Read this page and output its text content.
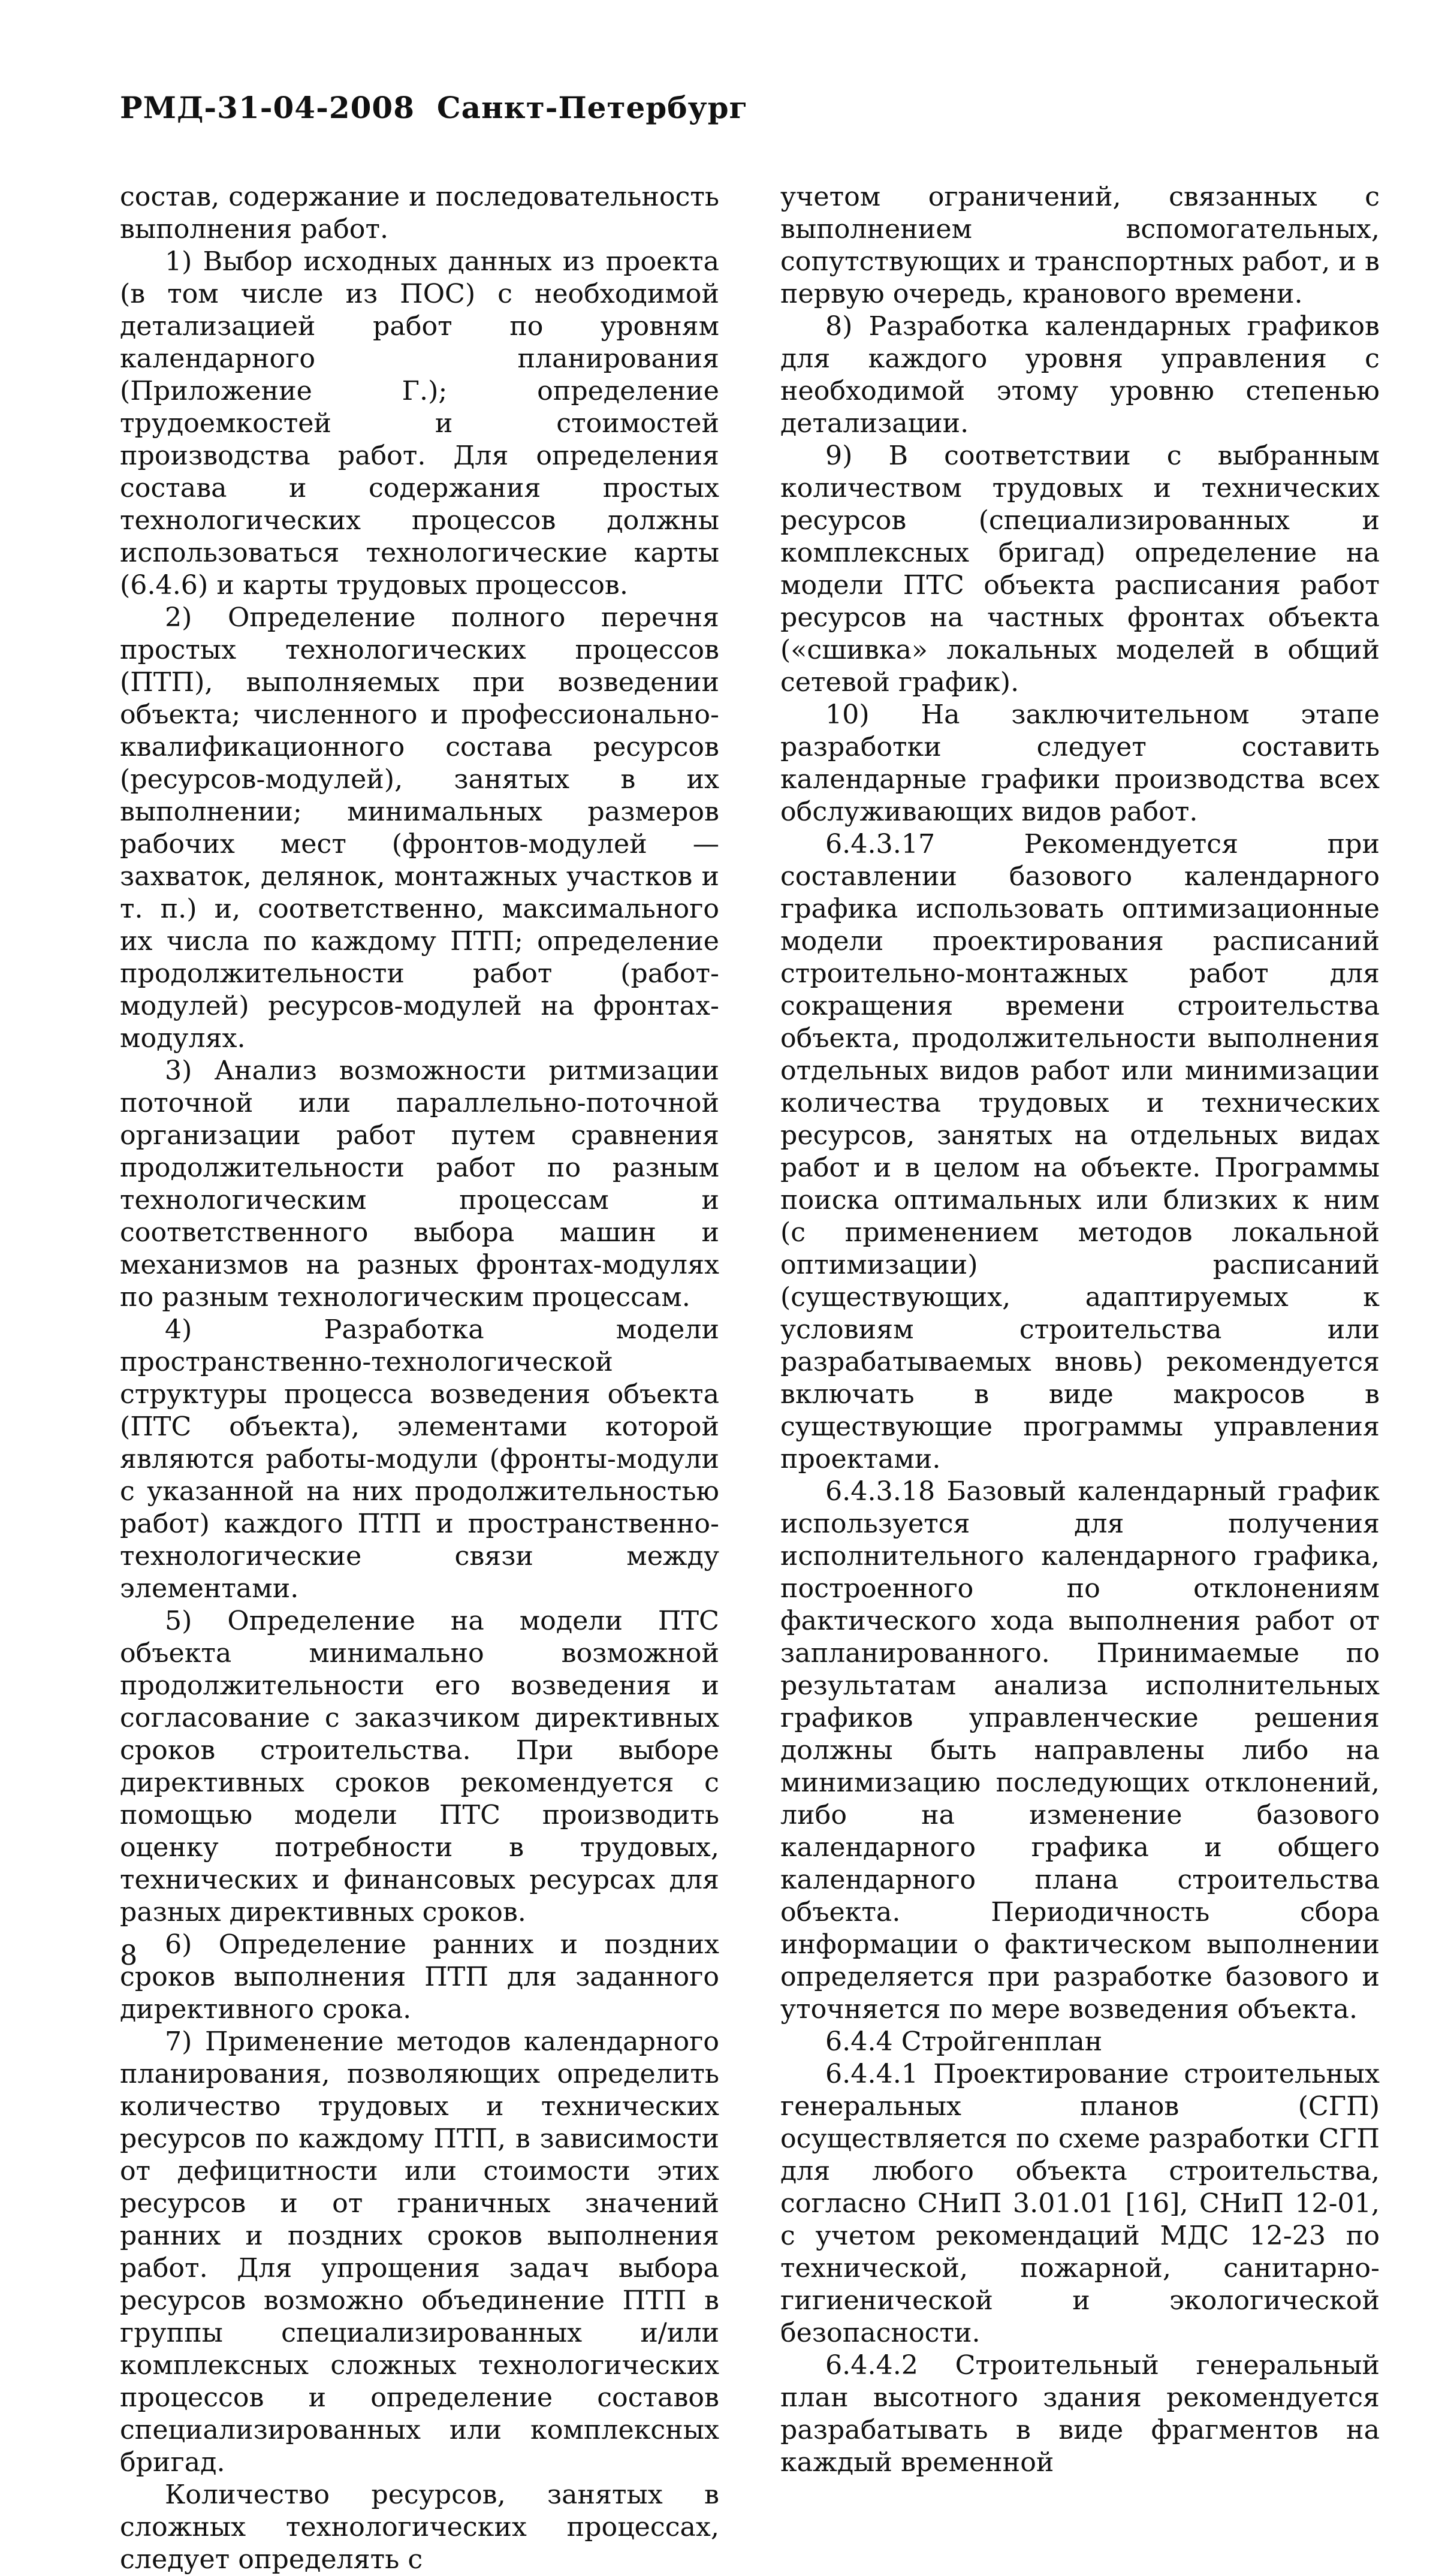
РМД-31-04-2008 Санкт-Петербург

состав, содержание и последовательность выполнения работ.

1) Выбор исходных данных из проекта (в том числе из ПОС) с необходимой детализацией работ по уровням календарного планирования (Приложение Г.); определение трудоемкостей и стоимостей производства работ. Для определения состава и содержания простых технологических процессов должны использоваться технологические карты (6.4.6) и карты трудовых процессов.

2) Определение полного перечня простых технологических процессов (ПТП), выполняемых при возведении объекта; численного и профессионально-квалификационного состава ресурсов (ресурсов-модулей), занятых в их выполнении; минимальных размеров рабочих мест (фронтов-модулей — захваток, делянок, монтажных участков и т. п.) и, соответственно, максимального их числа по каждому ПТП; определение продолжительности работ (работ-модулей) ресурсов-модулей на фронтах-модулях.

3) Анализ возможности ритмизации поточной или параллельно-поточной организации работ путем сравнения продолжительности работ по разным технологическим процессам и соответственного выбора машин и механизмов на разных фронтах-модулях по разным технологическим процессам.

4) Разработка модели пространственно-технологической структуры процесса возведения объекта (ПТС объекта), элементами которой являются работы-модули (фронты-модули с указанной на них продолжительностью работ) каждого ПТП и пространственно-технологические связи между элементами.

5) Определение на модели ПТС объекта минимально возможной продолжительности его возведения и согласование с заказчиком директивных сроков строительства. При выборе директивных сроков рекомендуется с помощью модели ПТС производить оценку потребности в трудовых, технических и финансовых ресурсах для разных директивных сроков.

6) Определение ранних и поздних сроков выполнения ПТП для заданного директивного срока.

7) Применение методов календарного планирования, позволяющих определить количество трудовых и технических ресурсов по каждому ПТП, в зависимости от дефицитности или стоимости этих ресурсов и от граничных значений ранних и поздних сроков выполнения работ. Для упрощения задач выбора ресурсов возможно объединение ПТП в группы специализированных и/или комплексных сложных технологических процессов и определение составов специализированных или комплексных бригад.

Количество ресурсов, занятых в сложных технологических процессах, следует определять с

учетом ограничений, связанных с выполнением вспомогательных, сопутствующих и транспортных работ, и в первую очередь, кранового времени.

8) Разработка календарных графиков для каждого уровня управления с необходимой этому уровню степенью детализации.

9) В соответствии с выбранным количеством трудовых и технических ресурсов (специализированных и комплексных бригад) определение на модели ПТС объекта расписания работ ресурсов на частных фронтах объекта («сшивка» локальных моделей в общий сетевой график).

10) На заключительном этапе разработки следует составить календарные графики производства всех обслуживающих видов работ.

6.4.3.17 Рекомендуется при составлении базового календарного графика использовать оптимизационные модели проектирования расписаний строительно-монтажных работ для сокращения времени строительства объекта, продолжительности выполнения отдельных видов работ или минимизации количества трудовых и технических ресурсов, занятых на отдельных видах работ и в целом на объекте. Программы поиска оптимальных или близких к ним (с применением методов локальной оптимизации) расписаний (существующих, адаптируемых к условиям строительства или разрабатываемых вновь) рекомендуется включать в виде макросов в существующие программы управления проектами.

6.4.3.18 Базовый календарный график используется для получения исполнительного календарного графика, построенного по отклонениям фактического хода выполнения работ от запланированного. Принимаемые по результатам анализа исполнительных графиков управленческие решения должны быть направлены либо на минимизацию последующих отклонений, либо на изменение базового календарного графика и общего календарного плана строительства объекта. Периодичность сбора информации о фактическом выполнении определяется при разработке базового и уточняется по мере возведения объекта.

6.4.4 Стройгенплан

6.4.4.1 Проектирование строительных генеральных планов (СГП) осуществляется по схеме разработки СГП для любого объекта строительства, согласно СНиП 3.01.01 [16], СНиП 12-01, с учетом рекомендаций МДС 12-23 по технической, пожарной, санитарно-гигиенической и экологической безопасности.

6.4.4.2 Строительный генеральный план высотного здания рекомендуется разрабатывать в виде фрагментов на каждый временной

8
